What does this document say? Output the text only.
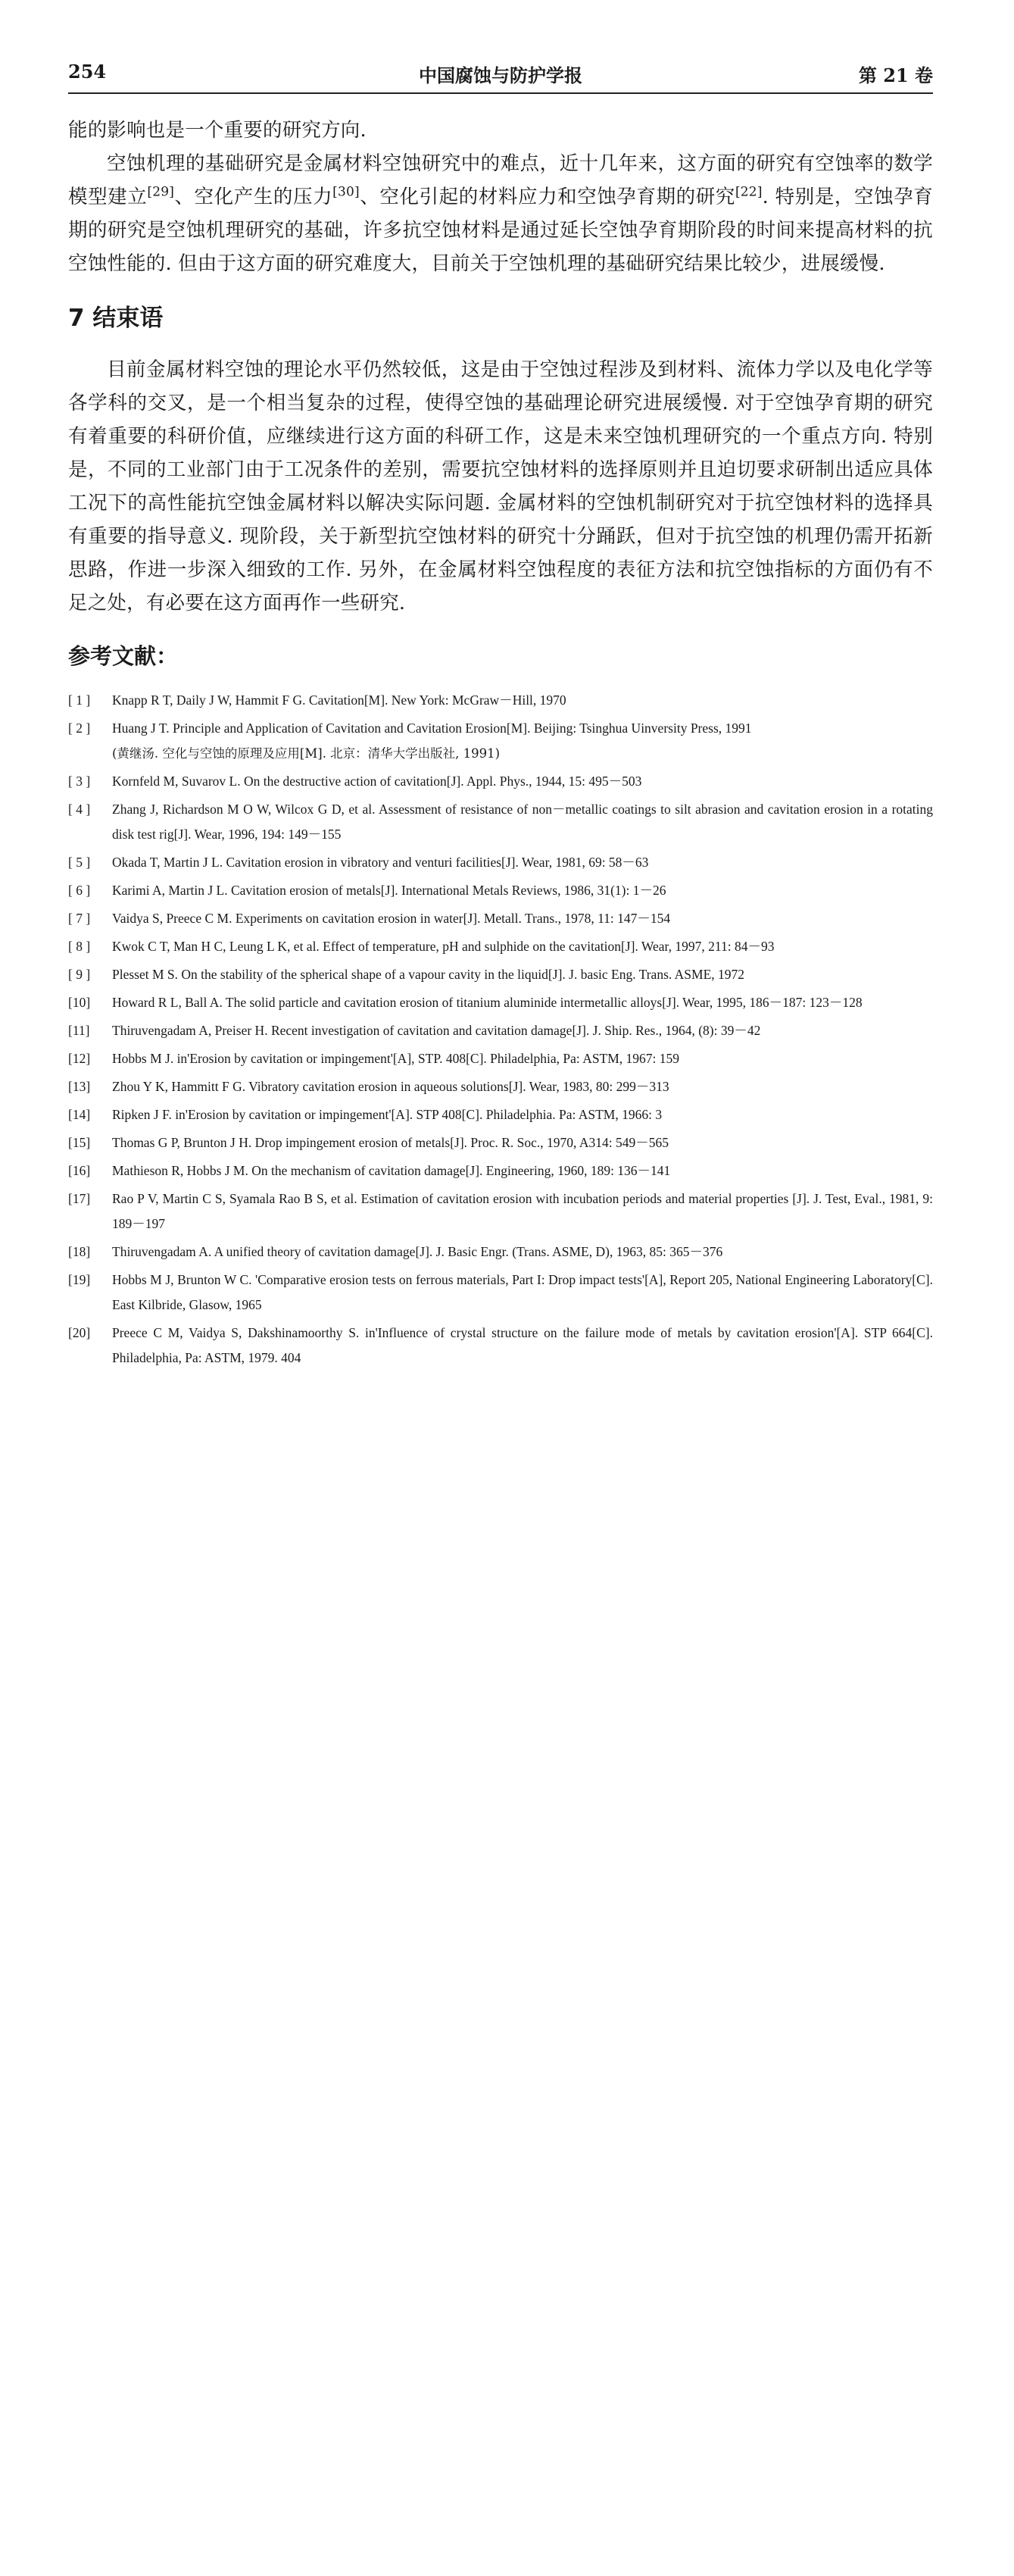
254	中国腐蚀与防护学报	第 21 卷

能的影响也是一个重要的研究方向.

空蚀机理的基础研究是金属材料空蚀研究中的难点，近十几年来，这方面的研究有空蚀率的数学模型建立[29]、空化产生的压力[30]、空化引起的材料应力和空蚀孕育期的研究[22]. 特别是，空蚀孕育期的研究是空蚀机理研究的基础，许多抗空蚀材料是通过延长空蚀孕育期阶段的时间来提高材料的抗空蚀性能的. 但由于这方面的研究难度大，目前关于空蚀机理的基础研究结果比较少，进展缓慢.

7 结束语

目前金属材料空蚀的理论水平仍然较低，这是由于空蚀过程涉及到材料、流体力学以及电化学等各学科的交叉，是一个相当复杂的过程，使得空蚀的基础理论研究进展缓慢. 对于空蚀孕育期的研究有着重要的科研价值，应继续进行这方面的科研工作，这是未来空蚀机理研究的一个重点方向. 特别是，不同的工业部门由于工况条件的差别，需要抗空蚀材料的选择原则并且迫切要求研制出适应具体工况下的高性能抗空蚀金属材料以解决实际问题. 金属材料的空蚀机制研究对于抗空蚀材料的选择具有重要的指导意义. 现阶段，关于新型抗空蚀材料的研究十分踊跃，但对于抗空蚀的机理仍需开拓新思路，作进一步深入细致的工作. 另外，在金属材料空蚀程度的表征方法和抗空蚀指标的方面仍有不足之处，有必要在这方面再作一些研究.

参考文献：
[ 1 ]	Knapp R T, Daily J W, Hammit F G. Cavitation[M]. New York: McGraw－Hill, 1970
[ 2 ]	Huang J T. Principle and Application of Cavitation and Cavitation Erosion[M]. Beijing: Tsinghua Uinversity Press, 1991
(黄继汤. 空化与空蚀的原理及应用[M]. 北京：清华大学出版社, 1991)
[ 3 ]	Kornfeld M, Suvarov L. On the destructive action of cavitation[J]. Appl. Phys., 1944, 15: 495－503
[ 4 ]	Zhang J, Richardson M O W, Wilcox G D, et al. Assessment of resistance of non－metallic coatings to silt abrasion and cavitation erosion in a rotating disk test rig[J]. Wear, 1996, 194: 149－155
[ 5 ]	Okada T, Martin J L. Cavitation erosion in vibratory and venturi facilities[J]. Wear, 1981, 69: 58－63
[ 6 ]	Karimi A, Martin J L. Cavitation erosion of metals[J]. International Metals Reviews, 1986, 31(1): 1－26
[ 7 ]	Vaidya S, Preece C M. Experiments on cavitation erosion in water[J]. Metall. Trans., 1978, 11: 147－154
[ 8 ]	Kwok C T, Man H C, Leung L K, et al. Effect of temperature, pH and sulphide on the cavitation[J]. Wear, 1997, 211: 84－93
[ 9 ]	Plesset M S. On the stability of the spherical shape of a vapour cavity in the liquid[J]. J. basic Eng. Trans. ASME, 1972
[10]	Howard R L, Ball A. The solid particle and cavitation erosion of titanium aluminide intermetallic alloys[J]. Wear, 1995, 186－187: 123－128
[11]	Thiruvengadam A, Preiser H. Recent investigation of cavitation and cavitation damage[J]. J. Ship. Res., 1964, (8): 39－42
[12]	Hobbs M J. in'Erosion by cavitation or impingement'[A], STP. 408[C]. Philadelphia, Pa: ASTM, 1967: 159
[13]	Zhou Y K, Hammitt F G. Vibratory cavitation erosion in aqueous solutions[J]. Wear, 1983, 80: 299－313
[14]	Ripken J F. in'Erosion by cavitation or impingement'[A]. STP 408[C]. Philadelphia. Pa: ASTM, 1966: 3
[15]	Thomas G P, Brunton J H. Drop impingement erosion of metals[J]. Proc. R. Soc., 1970, A314: 549－565
[16]	Mathieson R, Hobbs J M. On the mechanism of cavitation damage[J]. Engineering, 1960, 189: 136－141
[17]	Rao P V, Martin C S, Syamala Rao B S, et al. Estimation of cavitation erosion with incubation periods and material properties [J]. J. Test, Eval., 1981, 9: 189－197
[18]	Thiruvengadam A. A unified theory of cavitation damage[J]. J. Basic Engr. (Trans. ASME, D), 1963, 85: 365－376
[19]	Hobbs M J, Brunton W C. 'Comparative erosion tests on ferrous materials, Part I: Drop impact tests'[A], Report 205, National Engineering Laboratory[C]. East Kilbride, Glasow, 1965
[20]	Preece C M, Vaidya S, Dakshinamoorthy S. in'Influence of crystal structure on the failure mode of metals by cavitation erosion'[A]. STP 664[C]. Philadelphia, Pa: ASTM, 1979. 404
